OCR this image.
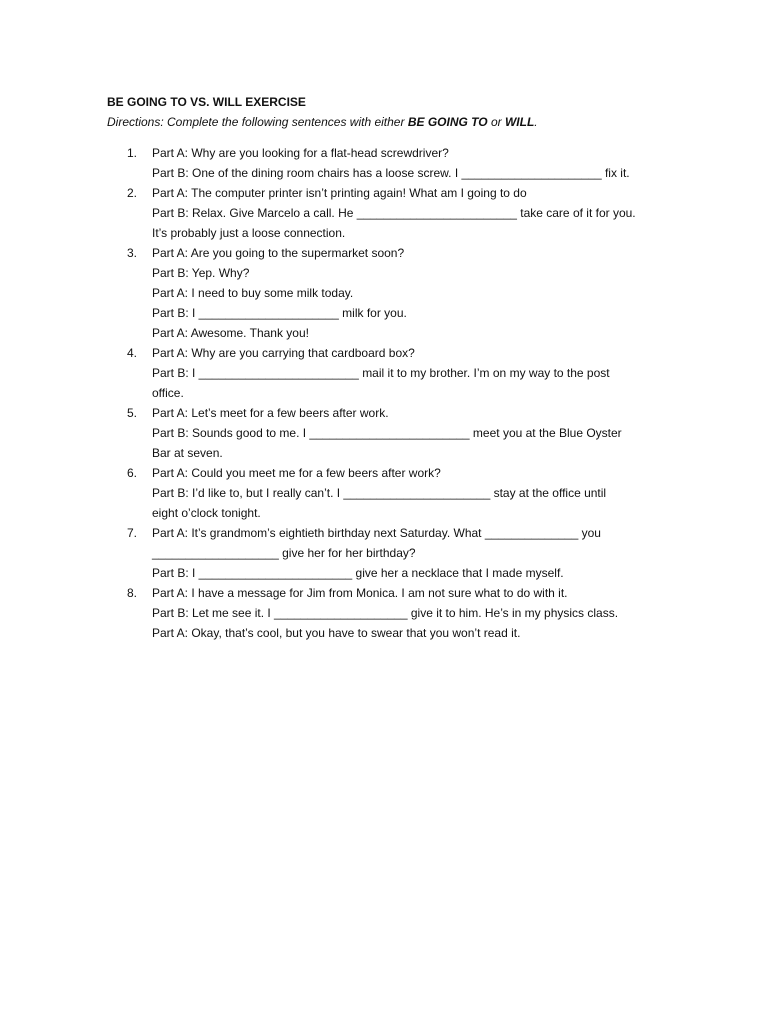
BE GOING TO VS. WILL EXERCISE

Directions: Complete the following sentences with either BE GOING TO or WILL.

1. Part A: Why are you looking for a flat-head screwdriver?
Part B: One of the dining room chairs has a loose screw. I _____________________ fix it.
2. Part A: The computer printer isn’t printing again! What am I going to do
Part B: Relax. Give Marcelo a call. He ________________________ take care of it for you.
It’s probably just a loose connection.
3. Part A: Are you going to the supermarket soon?
Part B: Yep. Why?
Part A: I need to buy some milk today.
Part B: I _____________________ milk for you.
Part A: Awesome. Thank you!
4. Part A: Why are you carrying that cardboard box?
Part B: I ________________________ mail it to my brother. I’m on my way to the post
office.
5. Part A: Let’s meet for a few beers after work.
Part B: Sounds good to me. I ________________________ meet you at the Blue Oyster
Bar at seven.
6. Part A: Could you meet me for a few beers after work?
Part B: I’d like to, but I really can’t. I ______________________ stay at the office until
eight o’clock tonight.
7. Part A: It’s grandmom’s eightieth birthday next Saturday. What ______________ you
___________________ give her for her birthday?
Part B: I _______________________ give her a necklace that I made myself.
8. Part A: I have a message for Jim from Monica. I am not sure what to do with it.
Part B: Let me see it. I ____________________ give it to him. He’s in my physics class.
Part A: Okay, that’s cool, but you have to swear that you won’t read it.
